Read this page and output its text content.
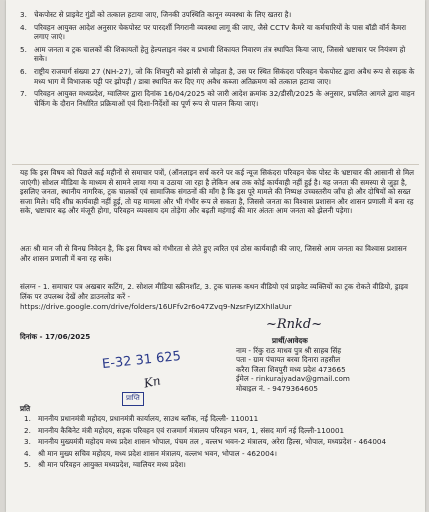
3. चेकपोस्ट से प्राइवेट गुंडों को तत्काल हटाया जाए, जिनकी उपस्थिति कानून व्यवस्था के लिए खतरा है।
4. परिवहन आयुक्त आदेश अनुसार चेकपोस्ट पर पारदर्शी निगरानी व्यवस्था लागू की जाए, जैसे CCTV कैमरे या कर्मचारियों के पास बॉडी वॉर्न कैमरा लगाए जाएं।
5. आम जनता व ट्रक चालकों की शिकायतों हेतु हेल्पलाइन नंबर व प्रभावी शिकायत निवारण तंत्र स्थापित किया जाए, जिससे भ्रष्टाचार पर नियंत्रण हो सके।
6. राष्ट्रीय राजमार्ग संख्या 27 (NH-27), जो कि शिवपुरी को झांसी से जोड़ता है, उस पर स्थित सिकंदरा परिवहन चेकपोस्ट द्वारा अवैध रूप से सड़क के मध्य भाग में विभाजक पट्टी पर झोपड़ी / डाबा स्थापित कर दिए गए अवैध कब्जा अतिक्रमण को तत्काल हटाया जाए।
7. परिवहन आयुक्त मध्यप्रदेश, ग्वालियर द्वारा दिनांक 16/04/2025 को जारी आदेश क्रमांक 32/डीसी/2025 के अनुसार, प्रचलित आगले द्वारा वाहन चेकिंग के दौरान निर्धारित प्रक्रियाओं एवं दिशा-निर्देशों का पूर्ण रूप से पालन किया जाए।
यह कि इस विषय को पिछले कई महीनों से समाचार पत्रों, (ऑनलाइन सर्च करने पर कई न्यूज सिकंदरा परिवहन चेक पोस्ट के भ्रष्टाचार की आसानी से मिल जाएंगी) सोशल मीडिया के माध्यम से सामने लाया गया व उठाया जा रहा है लेकिन अब तक कोई कार्यवाही नहीं हुई है। यह जनता की समस्या से जुड़ा है, इसलिए जनता, स्थानीय नागरिक, ट्रक चालकों एवं सामाजिक संगठनों की माँग है कि इस पूरे मामले की निष्पक्ष उच्चस्तरीय जाँच हो और दोषियों को सख्त सजा मिले। यदि शीघ्र कार्यवाही नहीं हुई, तो यह मामला और भी गंभीर रूप ले सकता है, जिससे जनता का विश्वास प्रशासन और शासन प्रणाली में बना रह सके, भ्रष्टाचार बढ़ और मंजूरी होगा, परिवहन व्यवसाय दम तोड़ेगा और बढ़ती महंगाई की मार अंततः आम जनता को झेलनी पड़ेगा।
अतः श्री मान जी से विनम्र निवेदन है, कि इस विषय को गंभीरता से लेते हुए त्वरित एवं ठोस कार्यवाही की जाए, जिससे आम जनता का विश्वास प्रशासन और शासन प्रणाली में बना रह सके।
संलग्न - 1. समाचार पत्र अखबार कटिंग, 2. सोशल मीडिया स्क्रीनशॉट, 3. ट्रक चालक कथन वीडियो एवं प्राइवेट व्यक्तियों का ट्रक रोकते वीडियो, ड्राइव लिंक पर उपलब्ध देखें और डाउनलोड करें -
https://drive.google.com/drive/folders/16UFfv2r6o47Zvq9-NzsrFyIZXhIlaUur
~Rnkd~
प्रार्थी/आवेदक
नाम - रिंकु राठ माधव पुत्र श्री साहब सिंह
पता - ग्राम पंचायत बरवा दिनारा तहसील
करैरा जिला शिवपुरी मध्य प्रदेश 473665
ईमेल - rinkurajyadav@gmail.com
मोबाइल नं. - 9479364605
दिनांक - 17/06/2025
E-32 31 625
Kn
प्राप्ति
प्रति
1. माननीय प्रधानमंत्री महोदय, प्रधानमंत्री कार्यालय, साउथ ब्लॉक, नई दिल्ली- 110011
2. माननीय कैबिनेट मंत्री महोदय, सड़क परिवहन एवं राजमार्ग मंत्रालय परिवहन भवन, 1, संसद मार्ग नई दिल्ली-110001
3. माननीय मुख्यमंत्री महोदय मध्य प्रदेश शासन भोपाल, पंचम तल , वल्लभ भवन-2 मंत्रालय, अरेरा हिल्स, भोपाल, मध्यप्रदेश - 464004
4. श्री मान मुख्य सचिव महोदय, मध्य प्रदेश शासन मंत्रालय, वल्लभ भवन, भोपाल - 462004।
5. श्री मान परिवहन आयुक्त मध्यप्रदेश, ग्वालियर मध्य प्रदेश।
